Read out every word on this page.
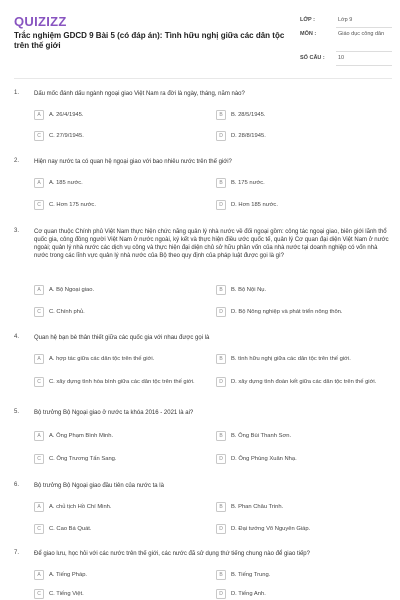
QUIZIZZ
Trắc nghiệm GDCD 9 Bài 5 (có đáp án): Tình hữu nghị giữa các dân tộc trên thế giới
LỚP :	Lớp 9
MÔN :	Giáo dục công dân
SỐ CÂU : 10
1. Dấu mốc đánh dấu ngành ngoại giao Việt Nam ra đời là ngày, tháng, năm nào?
A	A. 26/4/1945.	B	B. 28/5/1945.
C	C. 27/9/1945.	D	D. 28/8/1945.
2. Hiện nay nước ta có quan hệ ngoại giao với bao nhiêu nước trên thế giới?
A	A. 185 nước.	B	B. 175 nước.
C	C. Hơn 175 nước.	D	D. Hơn 185 nước.
3. Cơ quan thuộc Chính phủ Việt Nam thực hiện chức năng quản lý nhà nước về đối ngoại gồm: công tác ngoại giao, biên giới lãnh thổ quốc gia, công đồng người Việt Nam ở nước ngoài, ký kết và thực hiện điều ước quốc tế, quản lý Cơ quan đại diện Việt Nam ở nước ngoài; quản lý nhà nước các dịch vụ công và thực hiện đại diện chủ sở hữu phần vốn của nhà nước tại doanh nghiệp có vốn nhà nước trong các lĩnh vực quản lý nhà nước của Bộ theo quy định của pháp luật được gọi là gì?
A	A. Bộ Ngoại giao.	B	B. Bộ Nội Nụ.
C	C. Chính phủ.	D	D. Bộ Nông nghiệp và phát triển nông thôn.
4. Quan hệ bạn bè thân thiết giữa các quốc gia với nhau được gọi là
A	A. hợp tác giữa các dân tộc trên thế giới.	B	B. tình hữu nghị giữa các dân tộc trên thế giới.
C	C. xây dựng tình hòa bình giữa các dân tộc trên thế giới.	D	D. xây dựng tình đoàn kết giữa các dân tộc trên thế giới.
5. Bộ trưởng Bộ Ngoại giao ở nước ta khóa 2016 - 2021 là ai?
A	A. Ông Phạm Bình Minh.	B	B. Ông Bùi Thanh Sơn.
C	C. Ông Trương Tấn Sang.	D	D. Ông Phùng Xuân Nhạ.
6. Bộ trưởng Bộ Ngoại giao đầu tiên của nước ta là
A	A. chủ tịch Hồ Chí Minh.	B	B. Phan Châu Trinh.
C	C. Cao Bá Quát.	D	D. Đại tướng Võ Nguyên Giáp.
7. Để giao lưu, học hỏi với các nước trên thế giới, các nước đã sử dụng thứ tiếng chung nào để giao tiếp?
A	A. Tiếng Pháp.	B	B. Tiếng Trung.
C	C. Tiếng Việt.	D	D. Tiếng Anh.
